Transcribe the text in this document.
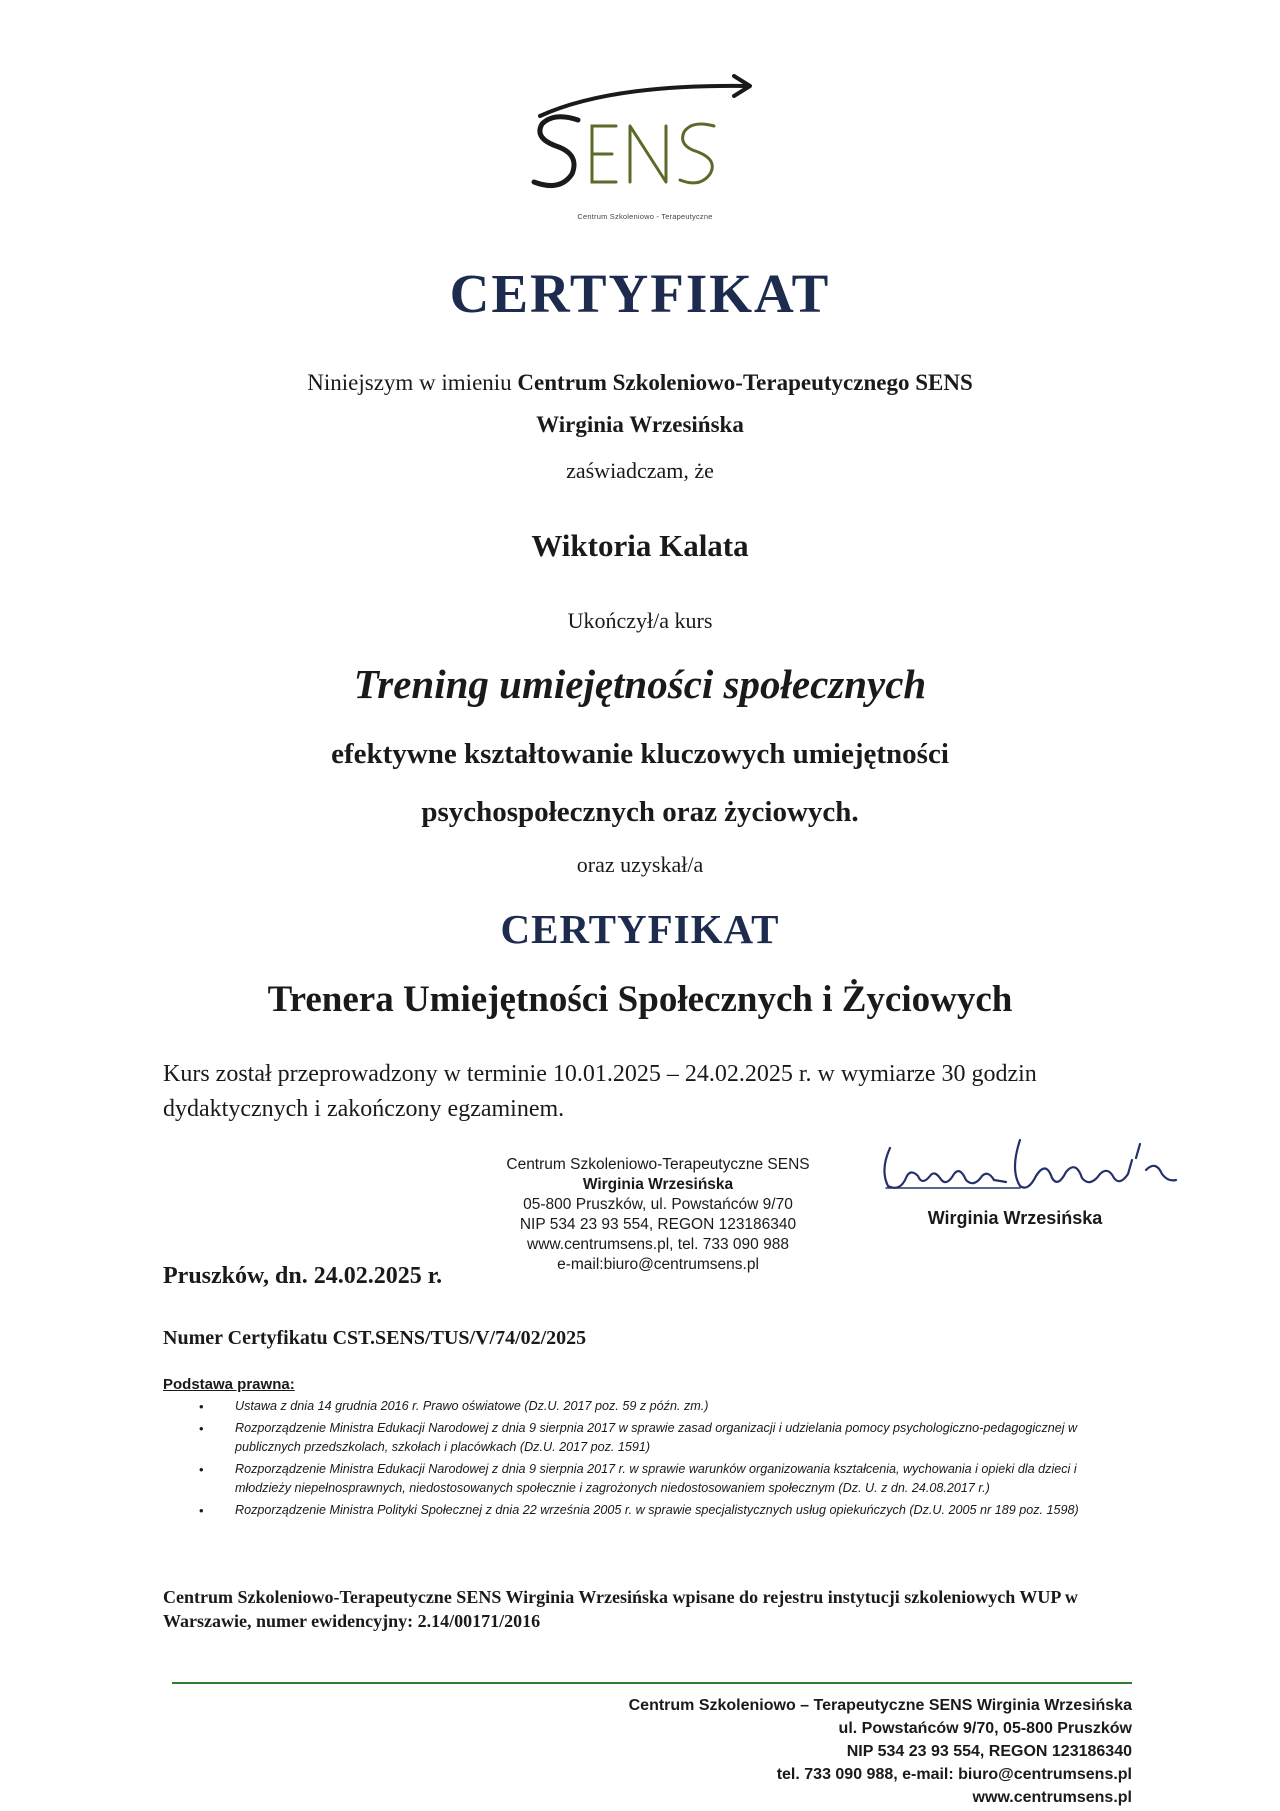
Centrum Szkoleniowo - Terapeutyczne
CERTYFIKAT
Niniejszym w imieniu Centrum Szkoleniowo-Terapeutycznego SENS
Wirginia Wrzesińska
zaświadczam, że
Wiktoria Kalata
Ukończył/a kurs
Trening umiejętności społecznych
efektywne kształtowanie kluczowych umiejętności
psychospołecznych oraz życiowych.
oraz uzyskał/a
CERTYFIKAT
Trenera Umiejętności Społecznych i Życiowych
Kurs został przeprowadzony w terminie 10.01.2025 – 24.02.2025 r. w wymiarze 30 godzin dydaktycznych i zakończony egzaminem.
Centrum Szkoleniowo-Terapeutyczne SENS
Wirginia Wrzesińska
05-800 Pruszków, ul. Powstańców 9/70
NIP 534 23 93 554, REGON 123186340
www.centrumsens.pl, tel. 733 090 988
e-mail:biuro@centrumsens.pl
Wirginia Wrzesińska
Pruszków, dn. 24.02.2025 r.
Numer Certyfikatu CST.SENS/TUS/V/74/02/2025
Podstawa prawna:
• Ustawa z dnia 14 grudnia 2016 r. Prawo oświatowe (Dz.U. 2017 poz. 59 z późn. zm.)
• Rozporządzenie Ministra Edukacji Narodowej z dnia 9 sierpnia 2017 w sprawie zasad organizacji i udzielania pomocy psychologiczno-pedagogicznej w publicznych przedszkolach, szkołach i placówkach (Dz.U. 2017 poz. 1591)
• Rozporządzenie Ministra Edukacji Narodowej z dnia 9 sierpnia 2017 r. w sprawie warunków organizowania kształcenia, wychowania i opieki dla dzieci i młodzieży niepełnosprawnych, niedostosowanych społecznie i zagrożonych niedostosowaniem społecznym (Dz. U. z dn. 24.08.2017 r.)
• Rozporządzenie Ministra Polityki Społecznej z dnia 22 września 2005 r. w sprawie specjalistycznych usług opiekuńczych (Dz.U. 2005 nr 189 poz. 1598)
Centrum Szkoleniowo-Terapeutyczne SENS Wirginia Wrzesińska wpisane do rejestru instytucji szkoleniowych WUP w Warszawie, numer ewidencyjny: 2.14/00171/2016
Centrum Szkoleniowo – Terapeutyczne SENS Wirginia Wrzesińska
ul. Powstańców 9/70, 05-800 Pruszków
NIP 534 23 93 554, REGON 123186340
tel. 733 090 988, e-mail: biuro@centrumsens.pl
www.centrumsens.pl
